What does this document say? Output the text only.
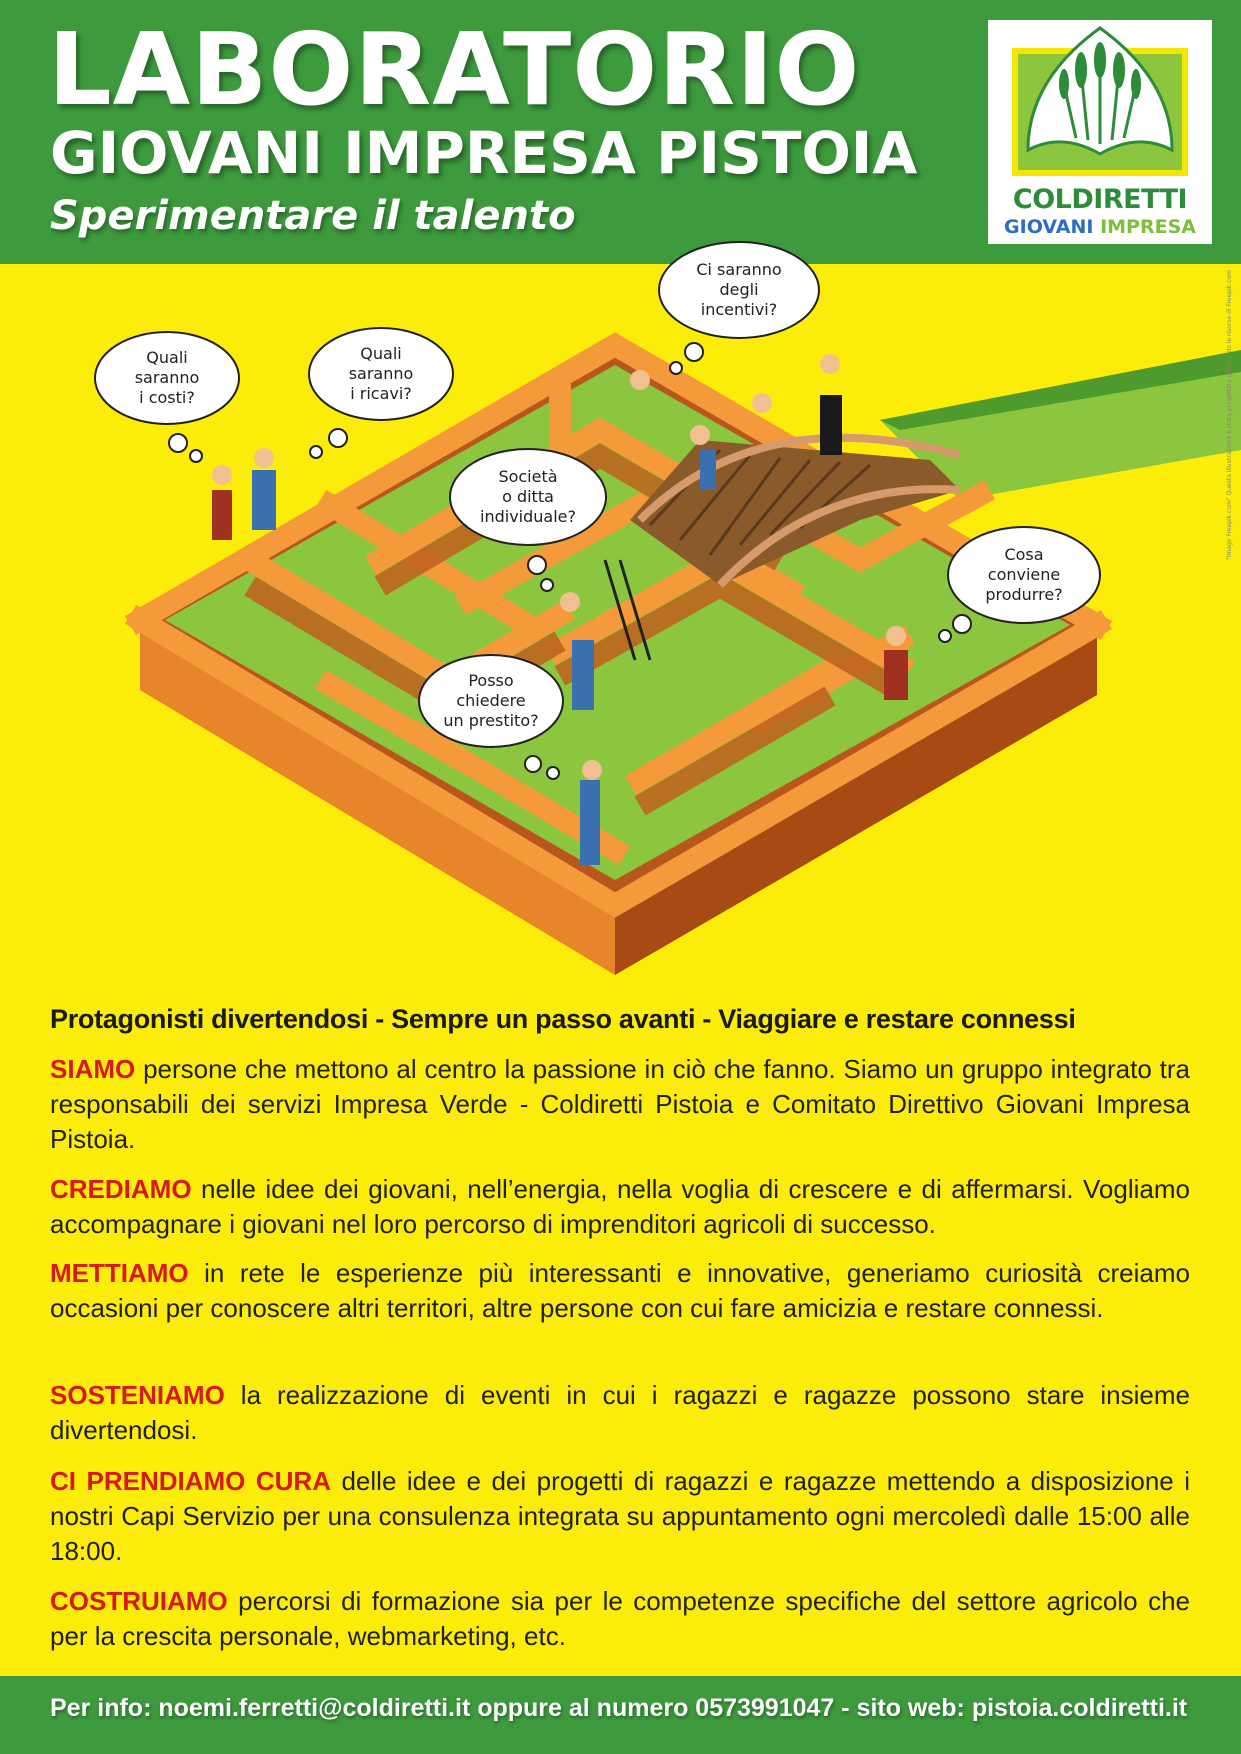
LABORATORIO
GIOVANI IMPRESA PISTOIA
Sperimentare il talento	COLDIRETTI
GIOVANI IMPRESA
Quali
saranno
i costi?
Quali
saranno
i ricavi?
Ci saranno
degli
incentivi?
Società
o ditta
individuale?
Cosa
conviene
produrre?
Posso
chiedere
un prestito?
"Image Freepik.com" Questa illustrazione è stata progettata utilizzando le risorse di Freepik.com
Protagonisti divertendosi - Sempre un passo avanti - Viaggiare e restare connessi
SIAMO persone che mettono al centro la passione in ciò che fanno. Siamo un gruppo integrato tra responsabili dei servizi Impresa Verde - Coldiretti Pistoia e Comitato Direttivo Giovani Impresa Pistoia.
CREDIAMO nelle idee dei giovani, nell’energia, nella voglia di crescere e di affermarsi. Vogliamo accompagnare i giovani nel loro percorso di imprenditori agricoli di successo.
METTIAMO in rete le esperienze più interessanti e innovative, generiamo curiosità creiamo occasioni per conoscere altri territori, altre persone con cui fare amicizia e restare connessi.
SOSTENIAMO la realizzazione di eventi in cui i ragazzi e ragazze possono stare insieme divertendosi.
CI PRENDIAMO CURA delle idee e dei progetti di ragazzi e ragazze mettendo a disposizione i nostri Capi Servizio per una consulenza integrata su appuntamento ogni mercoledì dalle 15:00 alle 18:00.
COSTRUIAMO percorsi di formazione sia per le competenze specifiche del settore agricolo che per la crescita personale, webmarketing, etc.
Per info: noemi.ferretti@coldiretti.it oppure al numero 0573991047 - sito web: pistoia.coldiretti.it
